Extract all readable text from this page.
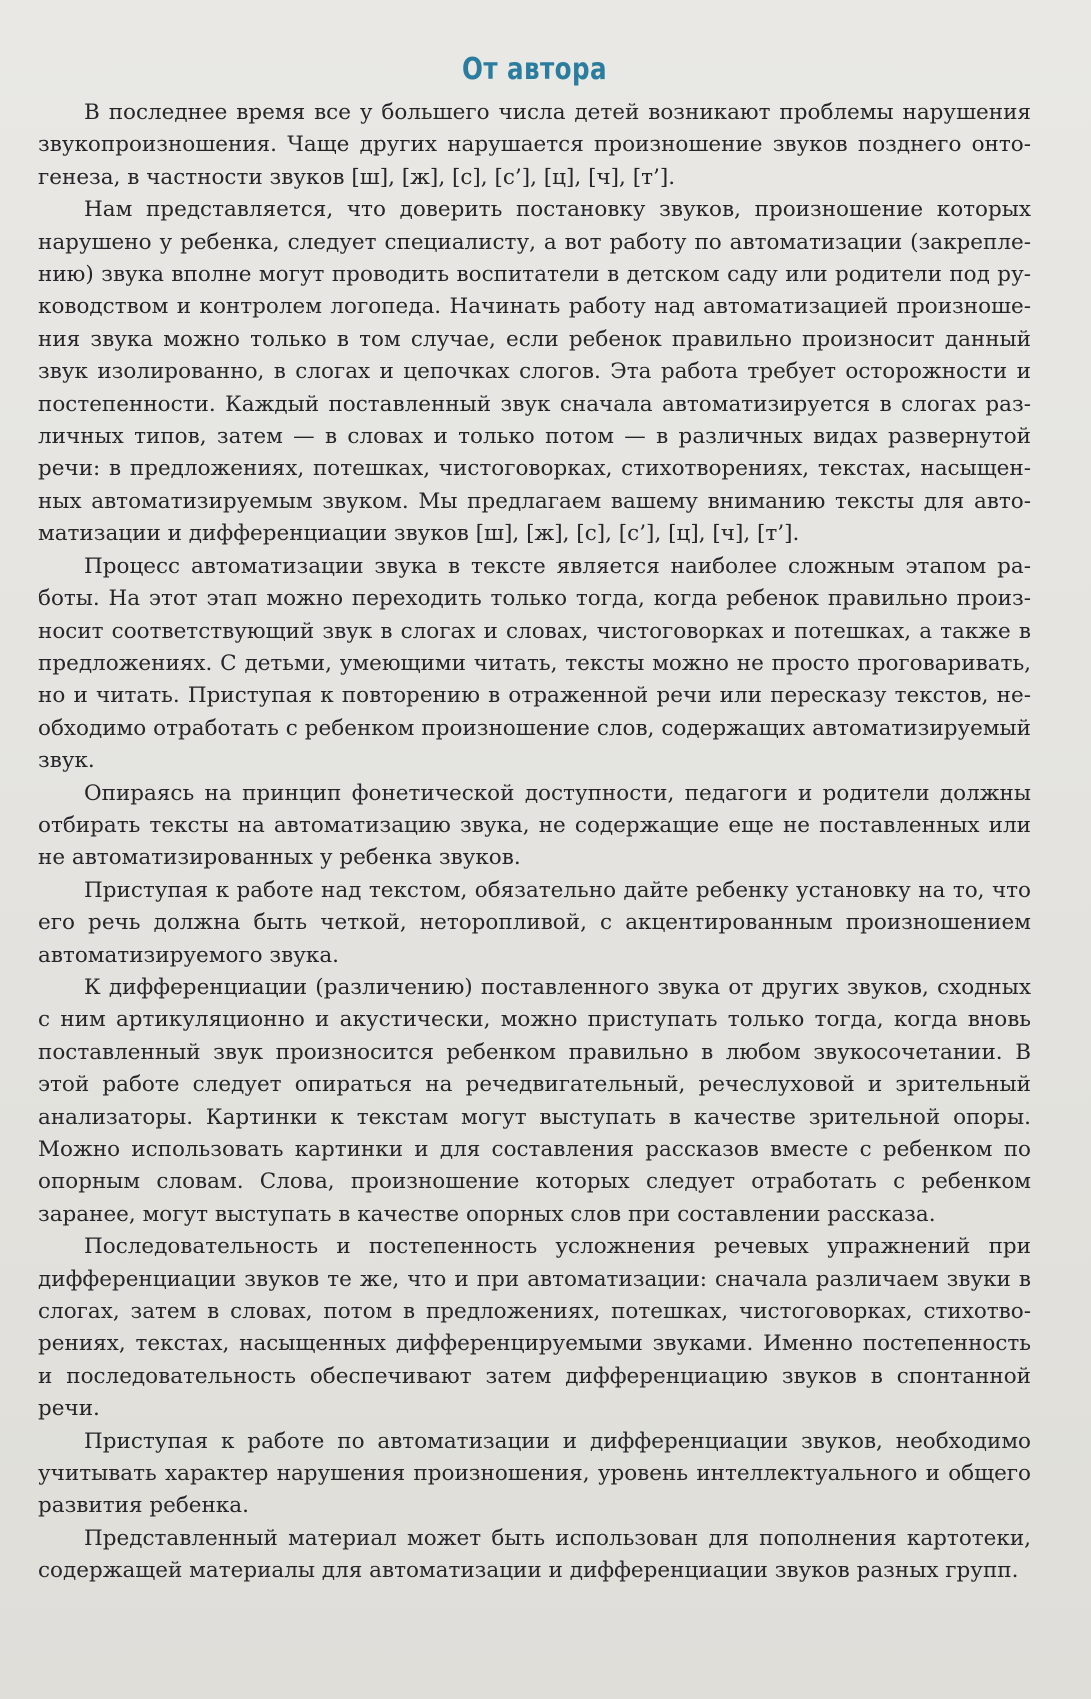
От автора

В последнее время все у большего числа детей возникают проблемы нарушения звукопроизношения. Чаще других нарушается произношение звуков позднего онтогенеза, в частности звуков [ш], [ж], [с], [с’], [ц], [ч], [т’].

Нам представляется, что доверить постановку звуков, произношение которых нарушено у ребенка, следует специалисту, а вот работу по автоматизации (закреплению) звука вполне могут проводить воспитатели в детском саду или родители под руководством и контролем логопеда. Начинать работу над автоматизацией произношения звука можно только в том случае, если ребенок правильно произносит данный звук изолированно, в слогах и цепочках слогов. Эта работа требует осторожности и постепенности. Каждый поставленный звук сначала автоматизируется в слогах различных типов, затем — в словах и только потом — в различных видах развернутой речи: в предложениях, потешках, чистоговорках, стихотворениях, текстах, насыщенных автоматизируемым звуком. Мы предлагаем вашему вниманию тексты для автоматизации и дифференциации звуков [ш], [ж], [с], [с’], [ц], [ч], [т’].

Процесс автоматизации звука в тексте является наиболее сложным этапом работы. На этот этап можно переходить только тогда, когда ребенок правильно произносит соответствующий звук в слогах и словах, чистоговорках и потешках, а также в предложениях. С детьми, умеющими читать, тексты можно не просто проговаривать, но и читать. Приступая к повторению в отраженной речи или пересказу текстов, необходимо отработать с ребенком произношение слов, содержащих автоматизируемый звук.

Опираясь на принцип фонетической доступности, педагоги и родители должны отбирать тексты на автоматизацию звука, не содержащие еще не поставленных или не автоматизированных у ребенка звуков.

Приступая к работе над текстом, обязательно дайте ребенку установку на то, что его речь должна быть четкой, неторопливой, с акцентированным произношением автоматизируемого звука.

К дифференциации (различению) поставленного звука от других звуков, сходных с ним артикуляционно и акустически, можно приступать только тогда, когда вновь поставленный звук произносится ребенком правильно в любом звукосочетании. В этой работе следует опираться на речедвигательный, речеслуховой и зрительный анализаторы. Картинки к текстам могут выступать в качестве зрительной опоры. Можно использовать картинки и для составления рассказов вместе с ребенком по опорным словам. Слова, произношение которых следует отработать с ребенком заранее, могут выступать в качестве опорных слов при составлении рассказа.

Последовательность и постепенность усложнения речевых упражнений при дифференциации звуков те же, что и при автоматизации: сначала различаем звуки в слогах, затем в словах, потом в предложениях, потешках, чистоговорках, стихотворениях, текстах, насыщенных дифференцируемыми звуками. Именно постепенность и последовательность обеспечивают затем дифференциацию звуков в спонтанной речи.

Приступая к работе по автоматизации и дифференциации звуков, необходимо учитывать характер нарушения произношения, уровень интеллектуального и общего развития ребенка.

Представленный материал может быть использован для пополнения картотеки, содержащей материалы для автоматизации и дифференциации звуков разных групп.
